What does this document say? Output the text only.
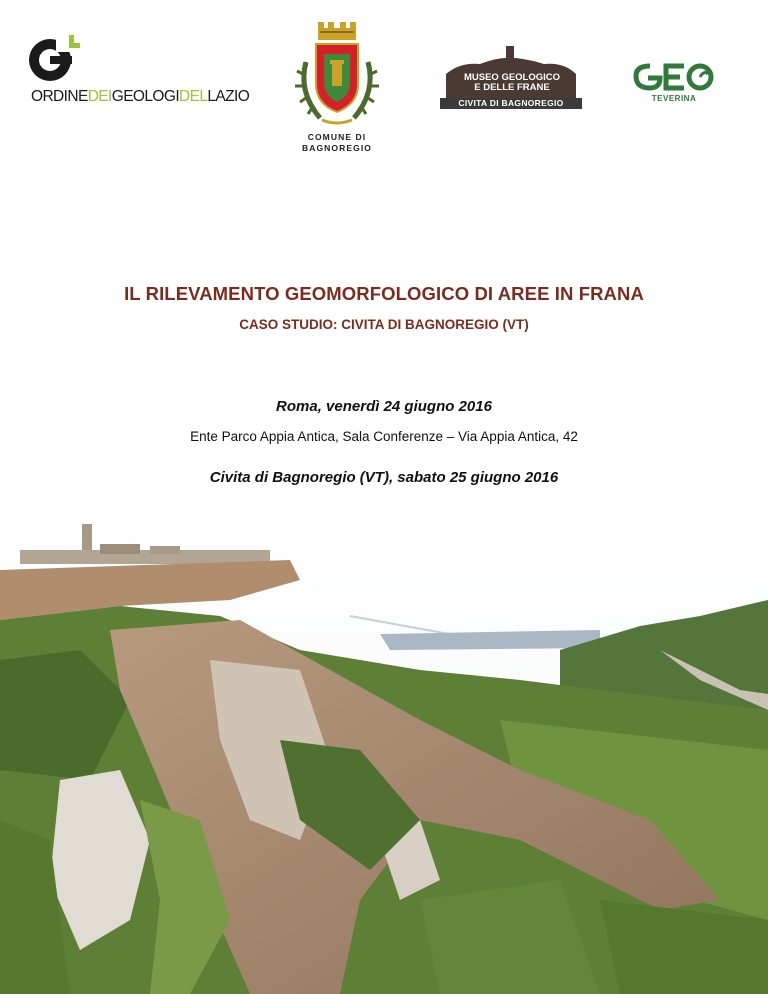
ORDINEDEIGEOLOGIDELLAZIO
COMUNE DI
BAGNOREGIO
MUSEO GEOLOGICO
E DELLE FRANE
CIVITA DI BAGNOREGIO	TEVERINA
IL RILEVAMENTO GEOMORFOLOGICO DI AREE IN FRANA
CASO STUDIO: CIVITA DI BAGNOREGIO (VT)
Roma, venerdì 24 giugno 2016
Ente Parco Appia Antica, Sala Conferenze – Via Appia Antica, 42
Civita di Bagnoregio (VT), sabato 25 giugno 2016
